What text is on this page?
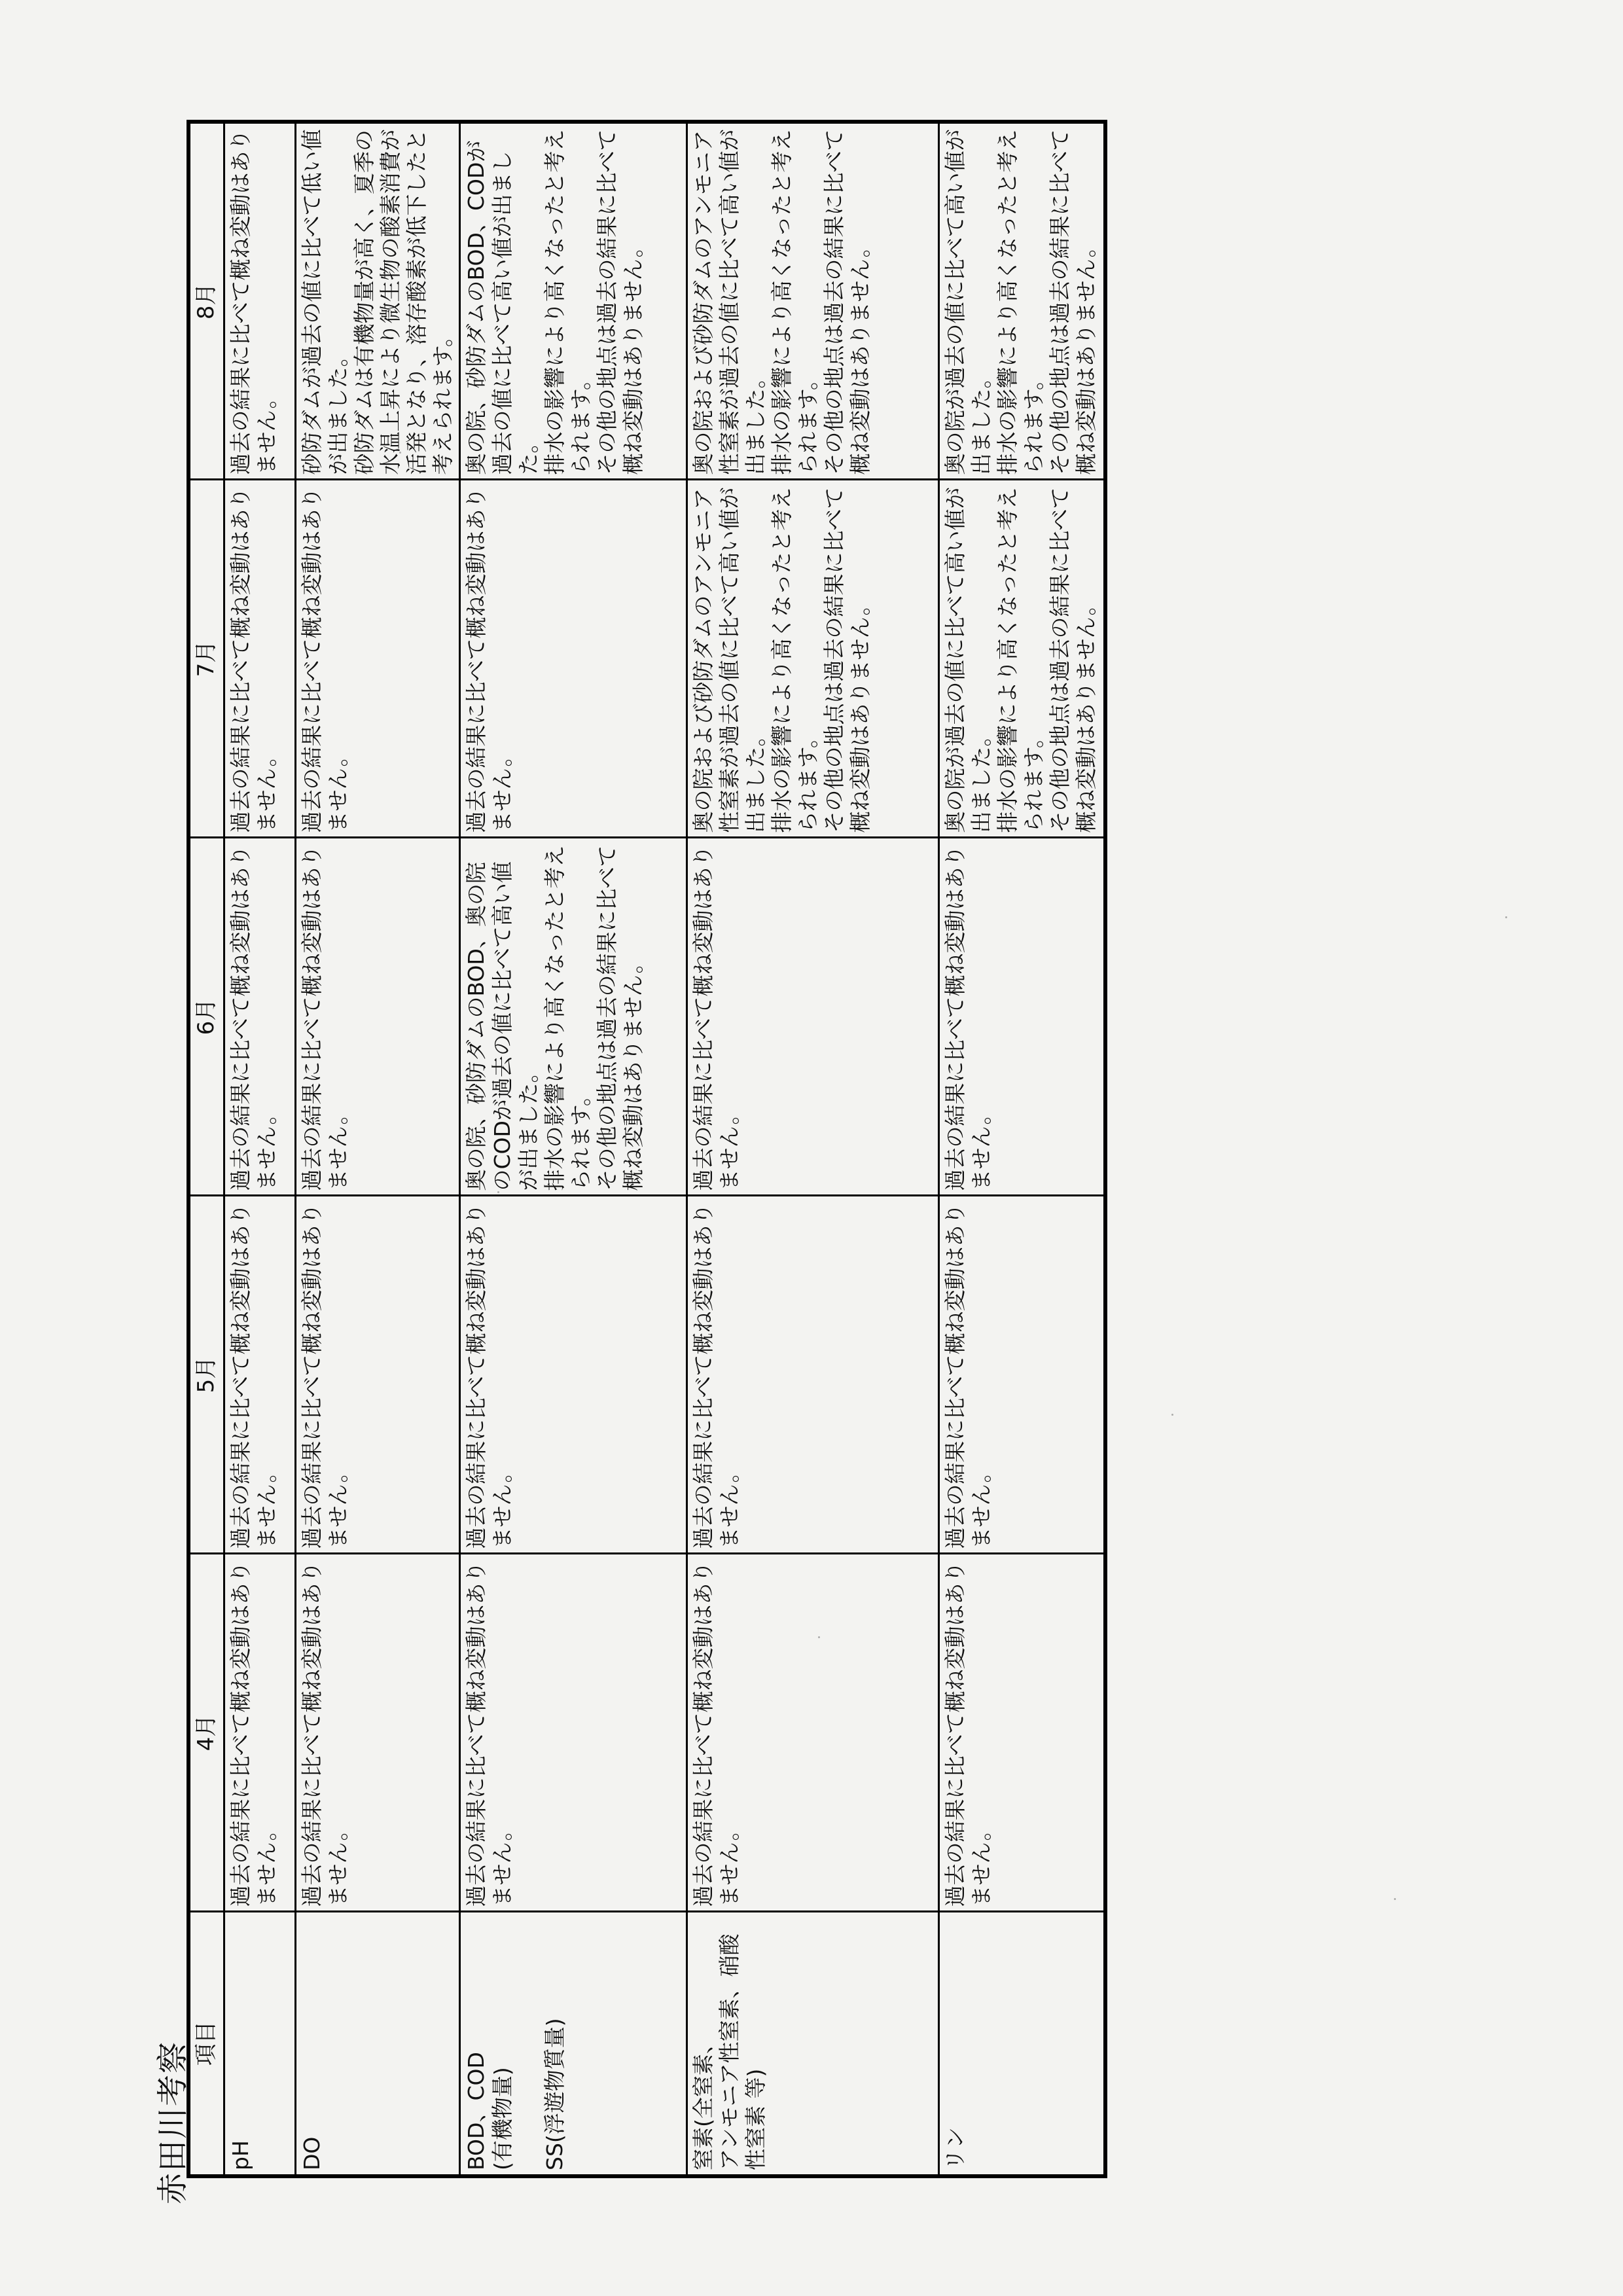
赤田川考察 項目	4月	5月	6月	7月	8月

pH	過去の結果に比べて概ね変動はありません。	過去の結果に比べて概ね変動はありません。	過去の結果に比べて概ね変動はありません。	過去の結果に比べて概ね変動はありません。	過去の結果に比べて概ね変動はありません。

DO	過去の結果に比べて概ね変動はありません。	過去の結果に比べて概ね変動はありません。	過去の結果に比べて概ね変動はありません。	過去の結果に比べて概ね変動はありません。	砂防ダムが過去の値に比べて低い値が出ました。
砂防ダムは有機物量が高く、夏季の水温上昇により微生物の酸素消費が活発となり、溶存酸素が低下したと考えられます。

BOD、COD
(有機物量)

SS(浮遊物質量)	過去の結果に比べて概ね変動はありません。	過去の結果に比べて概ね変動はありません。	奥の院、砂防ダムのBOD、奥の院のCODが過去の値に比べて高い値が出ました。
排水の影響により高くなったと考えられます。
その他の地点は過去の結果に比べて概ね変動はありません。	過去の結果に比べて概ね変動はありません。	奥の院、砂防ダムのBOD、CODが過去の値に比べて高い値が出ました。
排水の影響により高くなったと考えられます。
その他の地点は過去の結果に比べて概ね変動はありません。

窒素(全窒素、
アンモニア性窒素、硝酸性窒素 等)	過去の結果に比べて概ね変動はありません。	過去の結果に比べて概ね変動はありません。	過去の結果に比べて概ね変動はありません。	奥の院および砂防ダムのアンモニア性窒素が過去の値に比べて高い値が出ました。
排水の影響により高くなったと考えられます。
その他の地点は過去の結果に比べて概ね変動はありません。	奥の院および砂防ダムのアンモニア性窒素が過去の値に比べて高い値が出ました。
排水の影響により高くなったと考えられます。
その他の地点は過去の結果に比べて概ね変動はありません。

リン	過去の結果に比べて概ね変動はありません。	過去の結果に比べて概ね変動はありません。	過去の結果に比べて概ね変動はありません。	奥の院が過去の値に比べて高い値が出ました。
排水の影響により高くなったと考えられます。
その他の地点は過去の結果に比べて概ね変動はありません。	奥の院が過去の値に比べて高い値が出ました。
排水の影響により高くなったと考えられます。
その他の地点は過去の結果に比べて概ね変動はありません。
